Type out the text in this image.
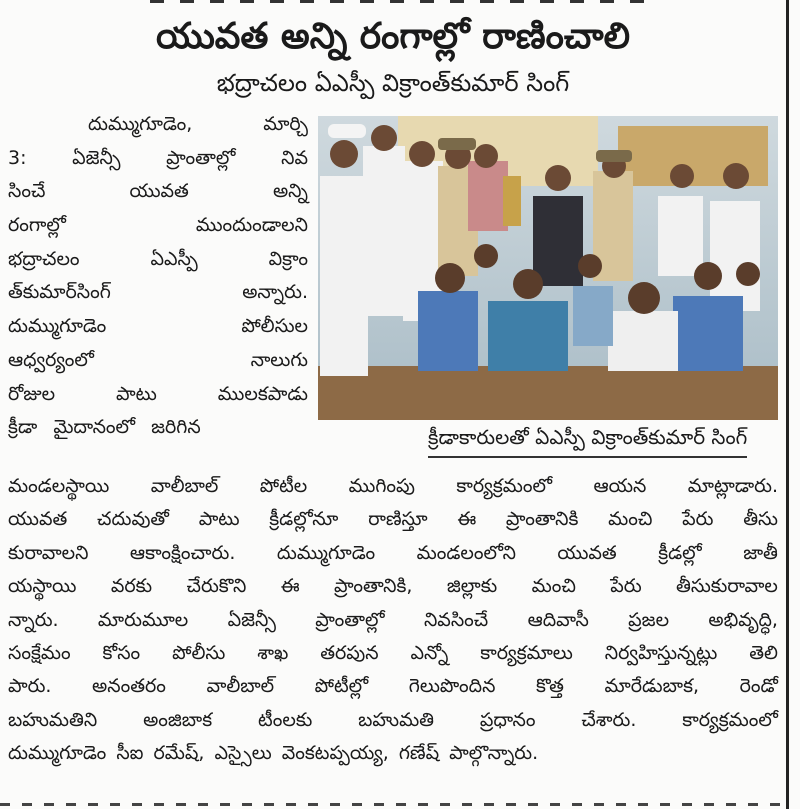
యువత అన్ని రంగాల్లో రాణించాలి
భద్రాచలం ఏఎస్పీ విక్రాంత్‌కుమార్ సింగ్
దుమ్ముగూడెం,	మార్చి
3: ఏజెన్సీ ప్రాంతాల్లో నివ
సించే	యువత	అన్ని
రంగాల్లో	ముందుండాలని
భద్రాచలం	ఏఎస్పీ	విక్రాం
త్‌కుమార్‌సింగ్	అన్నారు.
దుమ్ముగూడెం	పోలీసుల
ఆధ్వర్యంలో	నాలుగు
రోజుల	పాటు	ములకపాడు
క్రీడా మైదానంలో జరిగిన	క్రీడాకారులతో ఏఎస్పీ విక్రాంత్‌కుమార్ సింగ్
మండలస్థాయి వాలీబాల్ పోటీల ముగింపు కార్యక్రమంలో ఆయన మాట్లాడారు.
యువత చదువుతో పాటు క్రీడల్లోనూ రాణిస్తూ ఈ ప్రాంతానికి మంచి పేరు తీసు
కురావాలని ఆకాంక్షించారు. దుమ్ముగూడెం మండలంలోని యువత క్రీడల్లో జాతీ
యస్థాయి వరకు చేరుకొని ఈ ప్రాంతానికి, జిల్లాకు మంచి పేరు తీసుకురావాల
న్నారు. మారుమూల ఏజెన్సీ ప్రాంతాల్లో నివసించే ఆదివాసీ ప్రజల అభివృద్ధి,
సంక్షేమం కోసం పోలీసు శాఖ తరపున ఎన్నో కార్యక్రమాలు నిర్వహిస్తున్నట్లు తెలి
పారు. అనంతరం వాలీబాల్ పోటీల్లో గెలుపొందిన కొత్త మారేడుబాక, రెండో
బహుమతిని అంజిబాక టీంలకు బహుమతి ప్రధానం చేశారు. కార్యక్రమంలో
దుమ్ముగూడెం సీఐ రమేష్, ఎస్సైలు వెంకటప్పయ్య, గణేష్ పాల్గొన్నారు.
